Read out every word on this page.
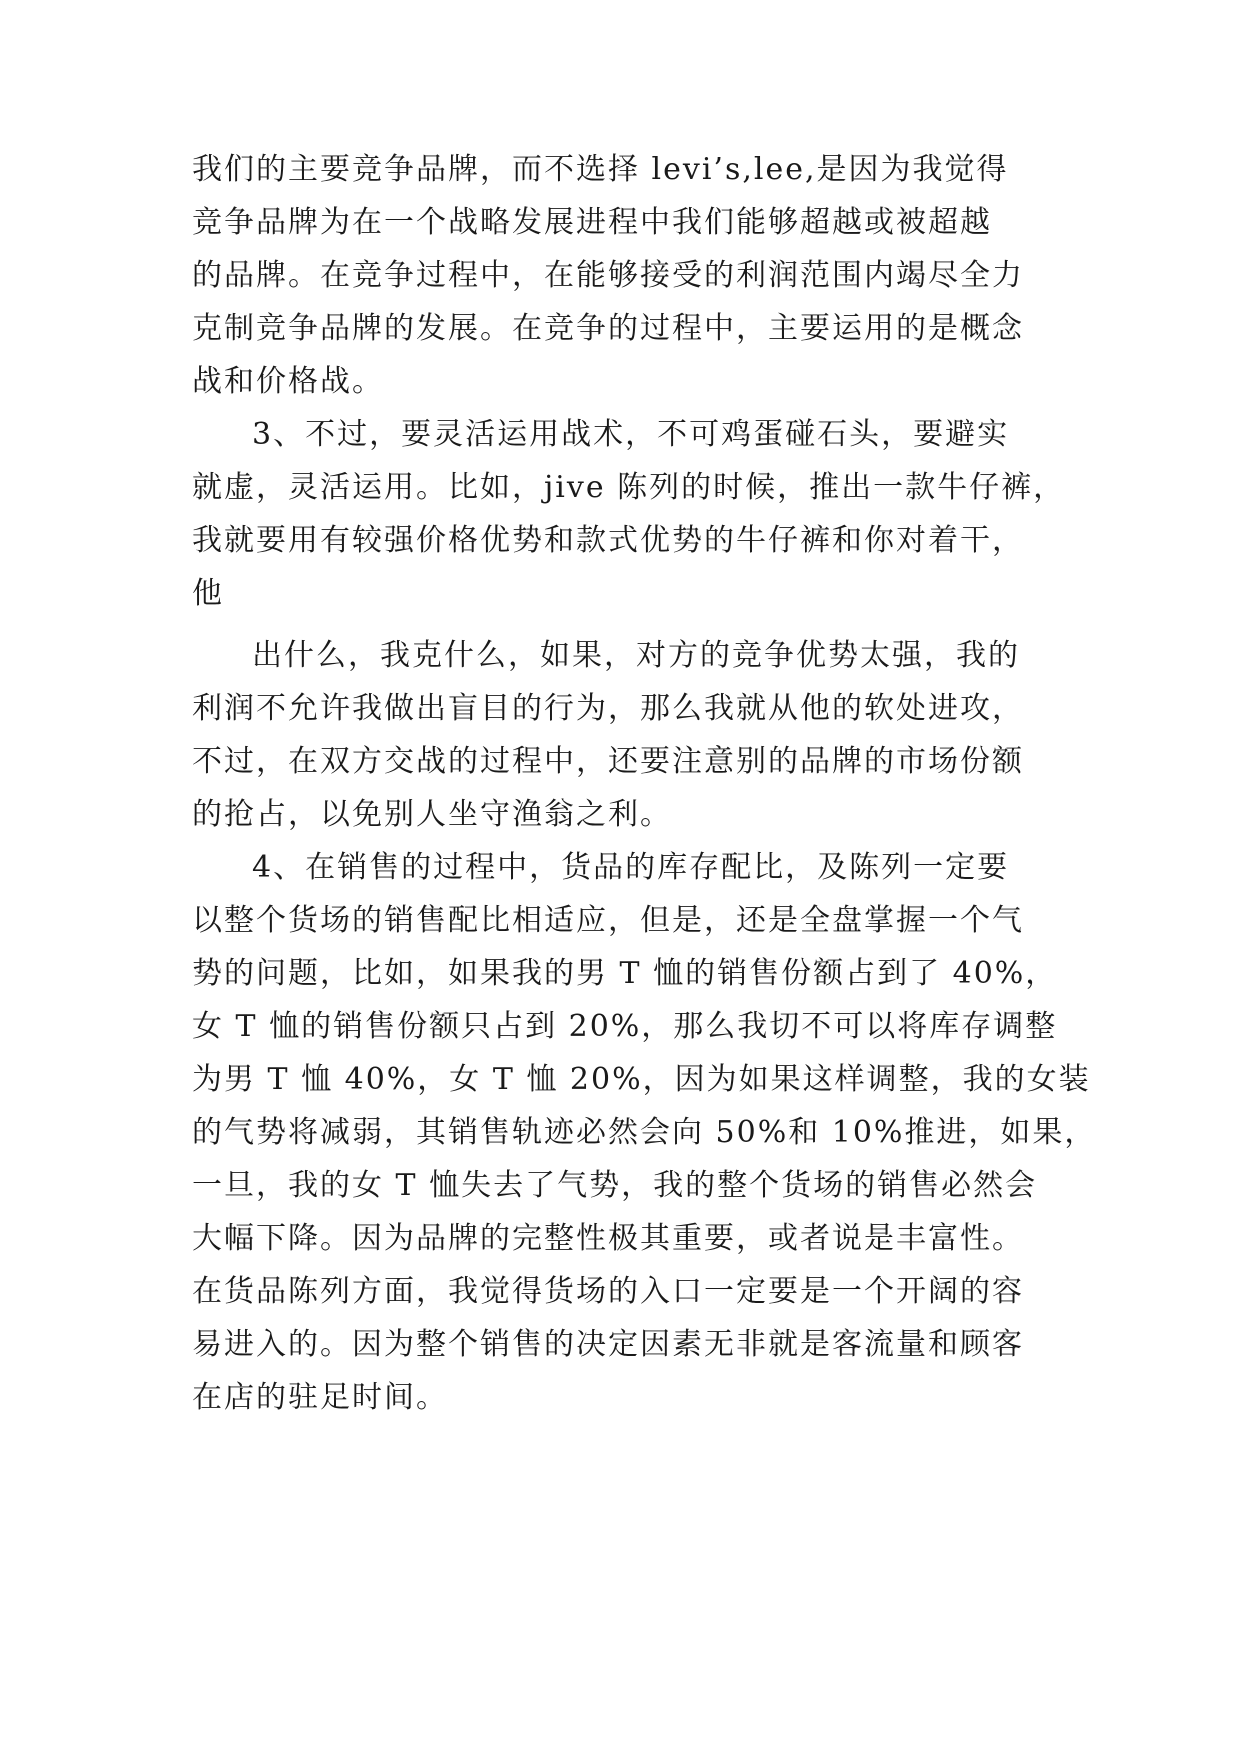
我们的主要竞争品牌，而不选择 levi’s,lee,是因为我觉得
竞争品牌为在一个战略发展进程中我们能够超越或被超越
的品牌。在竞争过程中，在能够接受的利润范围内竭尽全力
克制竞争品牌的发展。在竞争的过程中，主要运用的是概念
战和价格战。
3、不过，要灵活运用战术，不可鸡蛋碰石头，要避实
就虚，灵活运用。比如，jive 陈列的时候，推出一款牛仔裤，
我就要用有较强价格优势和款式优势的牛仔裤和你对着干，
他
出什么，我克什么，如果，对方的竞争优势太强，我的
利润不允许我做出盲目的行为，那么我就从他的软处进攻，
不过，在双方交战的过程中，还要注意别的品牌的市场份额
的抢占，以免别人坐守渔翁之利。
4、在销售的过程中，货品的库存配比，及陈列一定要
以整个货场的销售配比相适应，但是，还是全盘掌握一个气
势的问题，比如，如果我的男 T 恤的销售份额占到了 40%，
女 T 恤的销售份额只占到 20%，那么我切不可以将库存调整
为男 T 恤 40%，女 T 恤 20%，因为如果这样调整，我的女装
的气势将减弱，其销售轨迹必然会向 50%和 10%推进，如果，
一旦，我的女 T 恤失去了气势，我的整个货场的销售必然会
大幅下降。因为品牌的完整性极其重要，或者说是丰富性。
在货品陈列方面，我觉得货场的入口一定要是一个开阔的容
易进入的。因为整个销售的决定因素无非就是客流量和顾客
在店的驻足时间。
